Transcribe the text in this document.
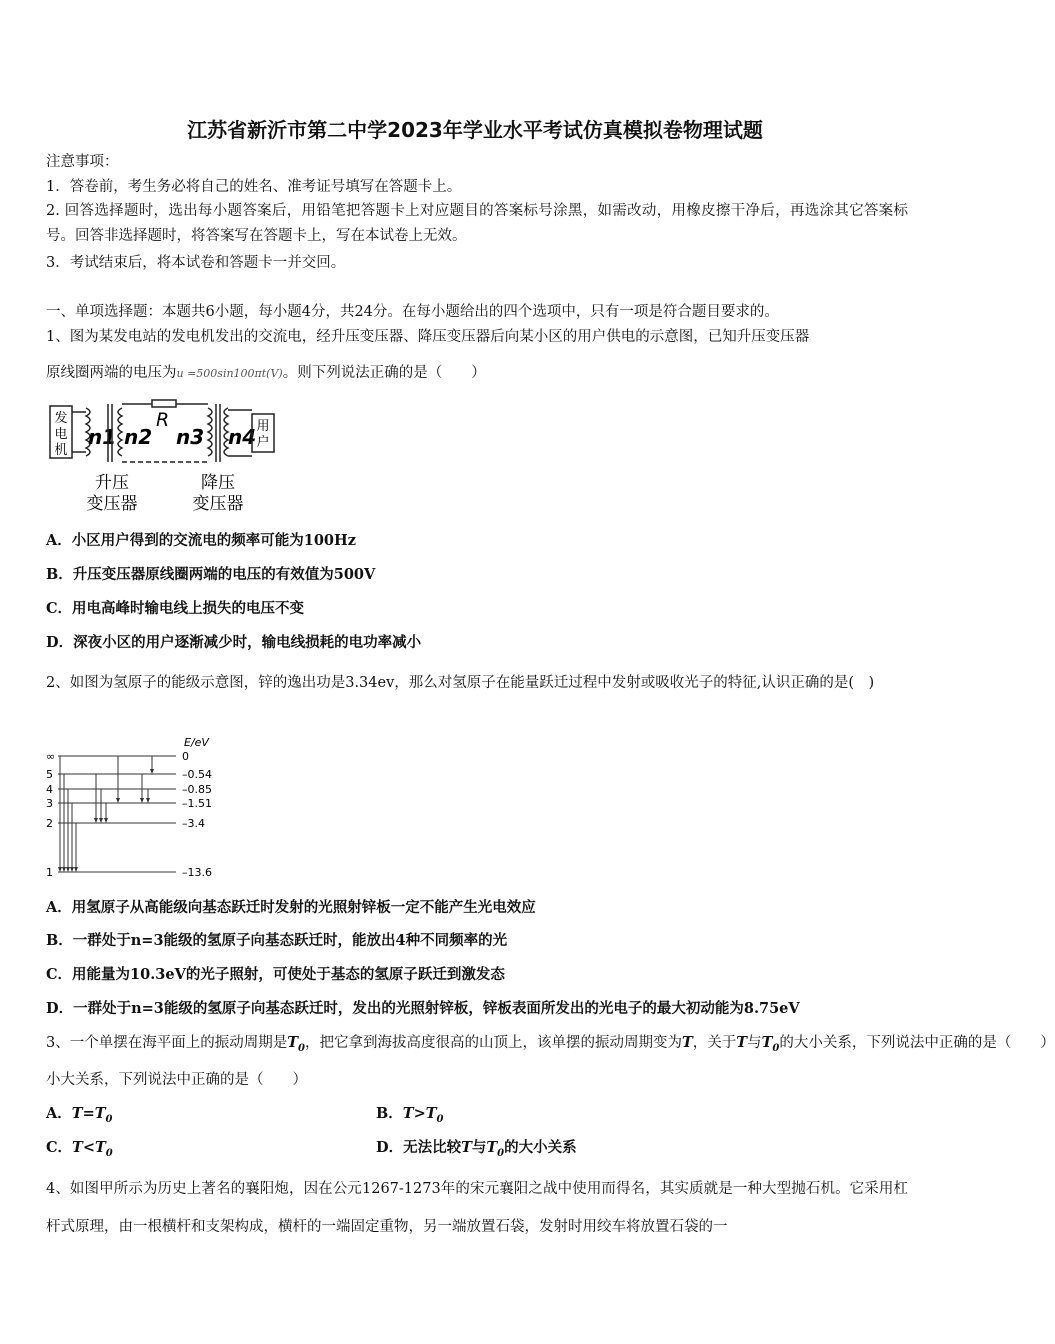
江苏省新沂市第二中学2023年学业水平考试仿真模拟卷物理试题
注意事项：
1．答卷前，考生务必将自己的姓名、准考证号填写在答题卡上。
2. 回答选择题时，选出每小题答案后，用铅笔把答题卡上对应题目的答案标号涂黑，如需改动，用橡皮擦干净后，再选涂其它答案标号。回答非选择题时，将答案写在答题卡上，写在本试卷上无效。
3．考试结束后，将本试卷和答题卡一并交回。
一、单项选择题：本题共6小题，每小题4分，共24分。在每小题给出的四个选项中，只有一项是符合题目要求的。
1、图为某发电站的发电机发出的交流电，经升压变压器、降压变压器后向某小区的用户供电的示意图，已知升压变压器
原线圈两端的电压为u =500sin100πt(V)。则下列说法正确的是（　　）
发
电
机
n1 n2
R
n3 n4 用
户
升压
变压器
降压
变压器
A．小区用户得到的交流电的频率可能为100Hz
B．升压变压器原线圈两端的电压的有效值为500V
C．用电高峰时输电线上损失的电压不变
D．深夜小区的用户逐渐减少时，输电线损耗的电功率减小
2、如图为氢原子的能级示意图，锌的逸出功是3.34ev，那么对氢原子在能量跃迁过程中发射或吸收光子的特征,认识正确的是(　)
E/eV
∞	0
5	–0.54
4	–0.85
3	–1.51
2	–3.4
1	–13.6
A．用氢原子从高能级向基态跃迁时发射的光照射锌板一定不能产生光电效应
B．一群处于n=3能级的氢原子向基态跃迁时，能放出4种不同频率的光
C．用能量为10.3eV的光子照射，可使处于基态的氢原子跃迁到激发态
D．一群处于n=3能级的氢原子向基态跃迁时，发出的光照射锌板，锌板表面所发出的光电子的最大初动能为8.75eV
3、一个单摆在海平面上的振动周期是$T_0$，把它拿到海拔高度很高的山顶上，该单摆的振动周期变为T，关于T与$T_0$的大小关系，下列说法中正确的是（　　）
小大关系，下列说法中正确的是（　　）
A．$T=T_0$	B．$T>T_0$
C．$T<T_0$	D．无法比较T与$T_0$的大小关系
4、如图甲所示为历史上著名的襄阳炮，因在公元1267-1273年的宋元襄阳之战中使用而得名，其实质就是一种大型抛石机。它采用杠杆式原理，由一根横杆和支架构成，横杆的一端固定重物，另一端放置石袋，发射时用绞车将放置石袋的一
